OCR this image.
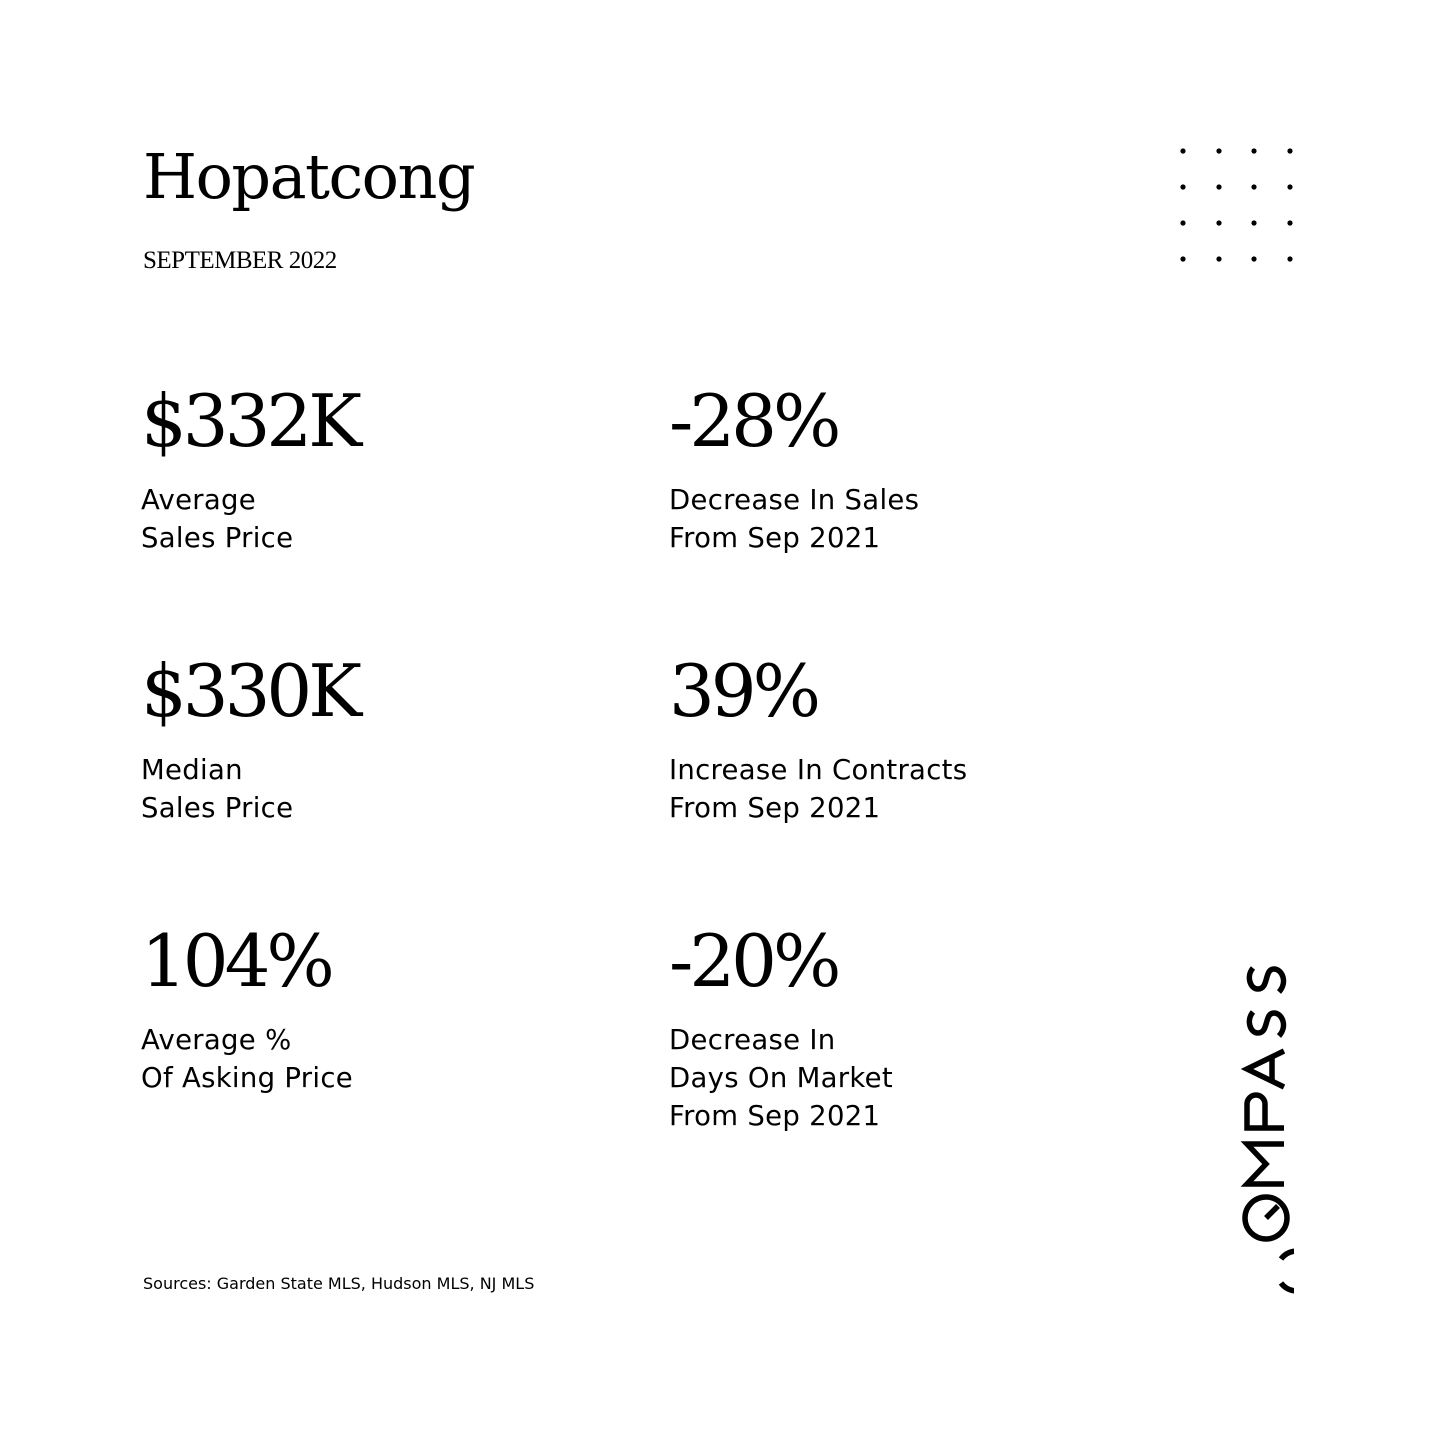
Hopatcong
SEPTEMBER 2022
$332K
Average
Sales Price
-28%
Decrease In Sales
From Sep 2021
$330K
Median
Sales Price
39%
Increase In Contracts
From Sep 2021
104%
Average %
Of Asking Price
-20%
Decrease In
Days On Market
From Sep 2021
Sources: Garden State MLS, Hudson MLS, NJ MLS
